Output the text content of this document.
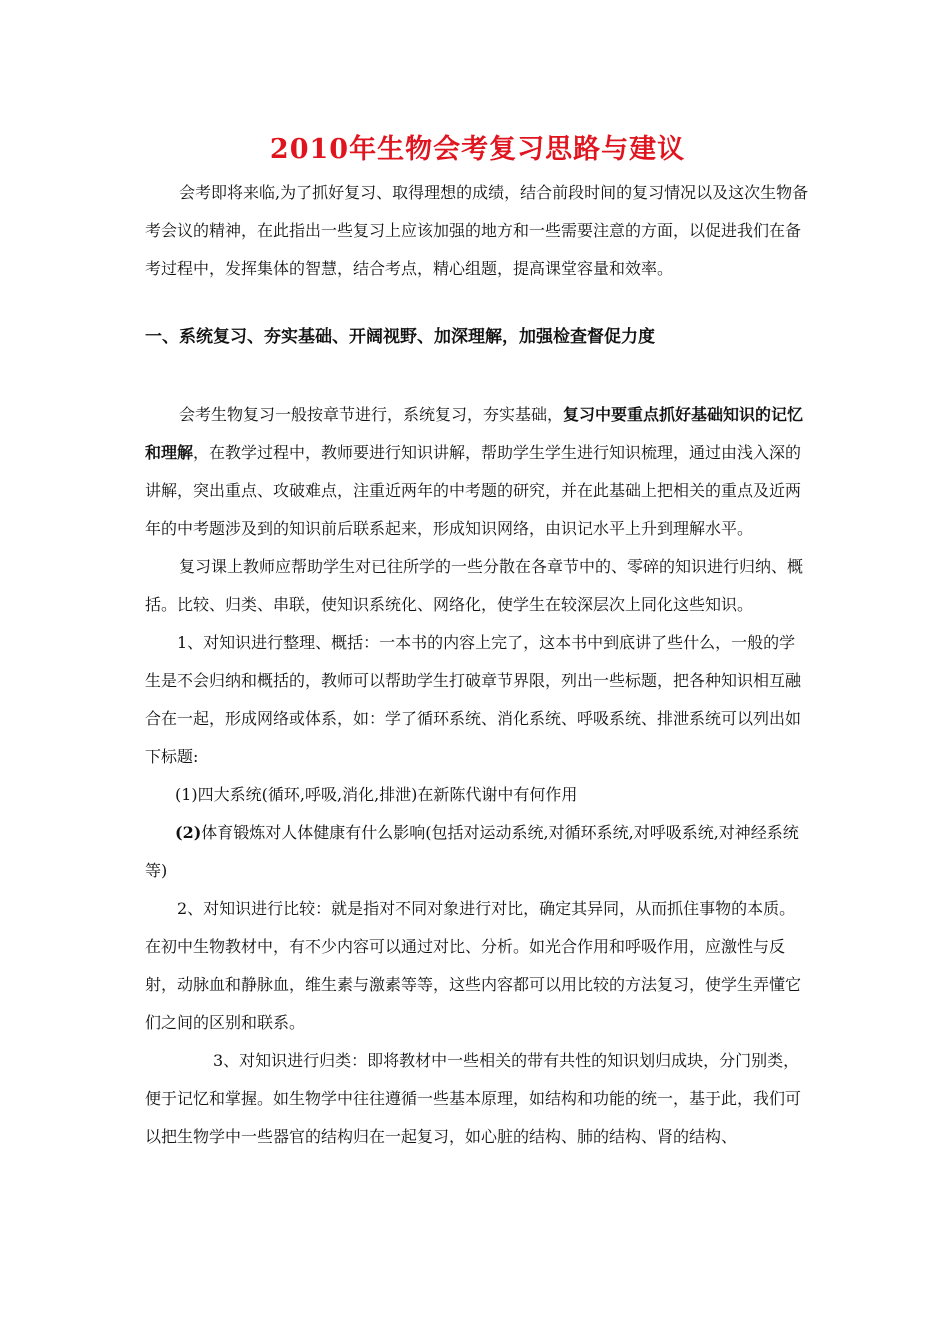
2010年生物会考复习思路与建议

会考即将来临,为了抓好复习、取得理想的成绩，结合前段时间的复习情况以及这次生物备考会议的精神，在此指出一些复习上应该加强的地方和一些需要注意的方面，以促进我们在备考过程中，发挥集体的智慧，结合考点，精心组题，提高课堂容量和效率。

一、系统复习、夯实基础、开阔视野、加深理解，加强检查督促力度

会考生物复习一般按章节进行，系统复习，夯实基础，复习中要重点抓好基础知识的记忆和理解，在教学过程中，教师要进行知识讲解，帮助学生学生进行知识梳理，通过由浅入深的讲解，突出重点、攻破难点，注重近两年的中考题的研究，并在此基础上把相关的重点及近两年的中考题涉及到的知识前后联系起来，形成知识网络，由识记水平上升到理解水平。

复习课上教师应帮助学生对已往所学的一些分散在各章节中的、零碎的知识进行归纳、概括。比较、归类、串联，使知识系统化、网络化，使学生在较深层次上同化这些知识。

1、对知识进行整理、概括：一本书的内容上完了，这本书中到底讲了些什么，一般的学生是不会归纳和概括的，教师可以帮助学生打破章节界限，列出一些标题，把各种知识相互融合在一起，形成网络或体系，如：学了循环系统、消化系统、呼吸系统、排泄系统可以列出如下标题:

(1)四大系统(循环,呼吸,消化,排泄)在新陈代谢中有何作用

(2)体育锻炼对人体健康有什么影响(包括对运动系统,对循环系统,对呼吸系统,对神经系统等)

2、对知识进行比较：就是指对不同对象进行对比，确定其异同，从而抓住事物的本质。在初中生物教材中，有不少内容可以通过对比、分析。如光合作用和呼吸作用，应激性与反射，动脉血和静脉血，维生素与激素等等，这些内容都可以用比较的方法复习，使学生弄懂它们之间的区别和联系。

3、对知识进行归类：即将教材中一些相关的带有共性的知识划归成块，分门别类，便于记忆和掌握。如生物学中往往遵循一些基本原理，如结构和功能的统一，基于此，我们可以把生物学中一些器官的结构归在一起复习，如心脏的结构、肺的结构、肾的结构、
